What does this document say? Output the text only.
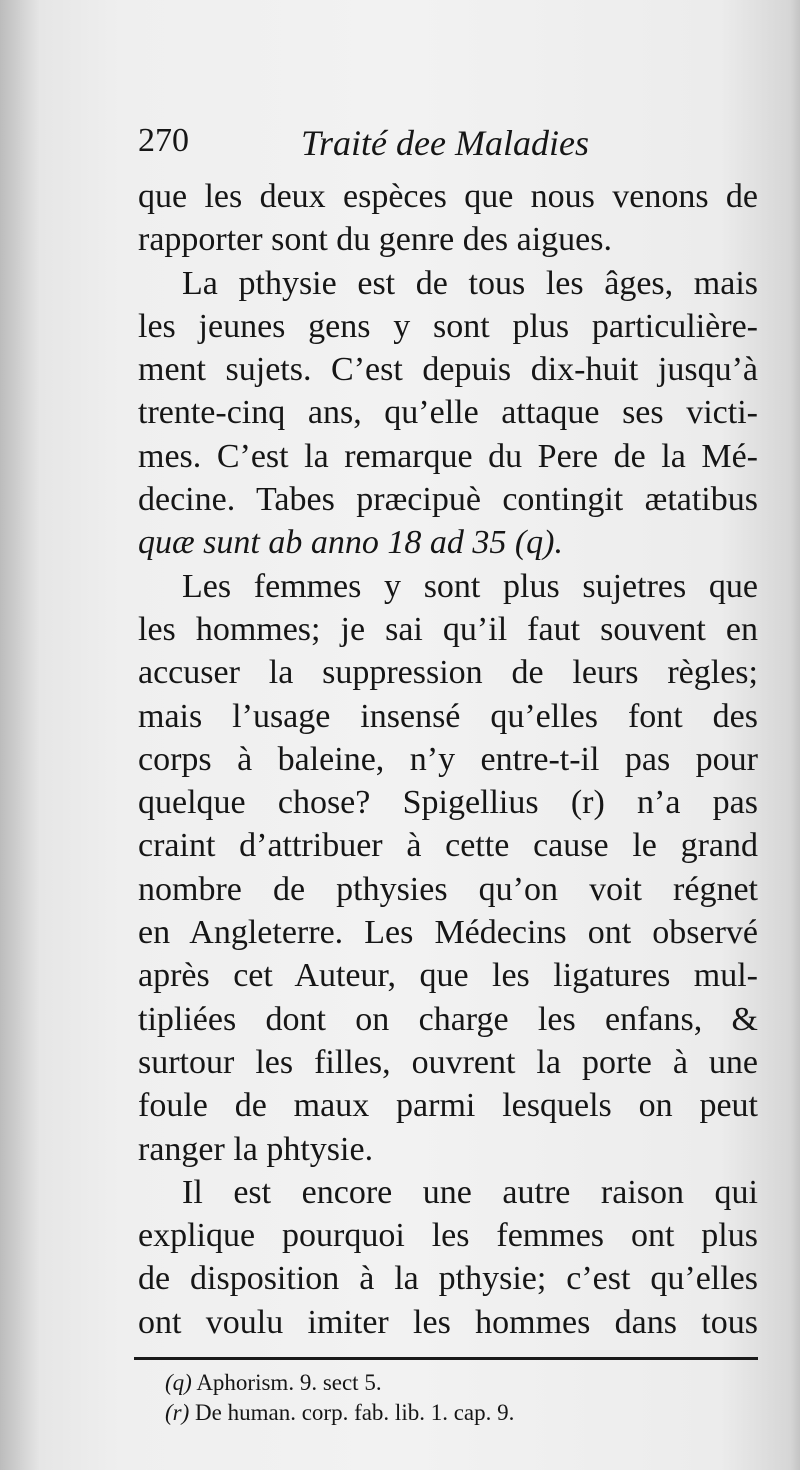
270	Traité dee Maladies
que les deux espèces que nous venons de
rapporter sont du genre des aigues.
La pthysie est de tous les âges, mais
les jeunes gens y sont plus particulière-
ment sujets. C’est depuis dix-huit jusqu’à
trente-cinq ans, qu’elle attaque ses victi-
mes. C’est la remarque du Pere de la Mé-
decine. Tabes præcipuè contingit ætatibus
quæ sunt ab anno 18 ad 35 (q).
Les femmes y sont plus sujetres que
les hommes; je sai qu’il faut souvent en
accuser la suppression de leurs règles;
mais l’usage insensé qu’elles font des
corps à baleine, n’y entre-t-il pas pour
quelque chose? Spigellius (r) n’a pas
craint d’attribuer à cette cause le grand
nombre de pthysies qu’on voit régnet
en Angleterre. Les Médecins ont observé
après cet Auteur, que les ligatures mul-
tipliées dont on charge les enfans, &
surtour les filles, ouvrent la porte à une
foule de maux parmi lesquels on peut
ranger la phtysie.
Il est encore une autre raison qui
explique pourquoi les femmes ont plus
de disposition à la pthysie; c’est qu’elles
ont voulu imiter les hommes dans tous
(q) Aphorism. 9. sect 5.
(r) De human. corp. fab. lib. 1. cap. 9.
